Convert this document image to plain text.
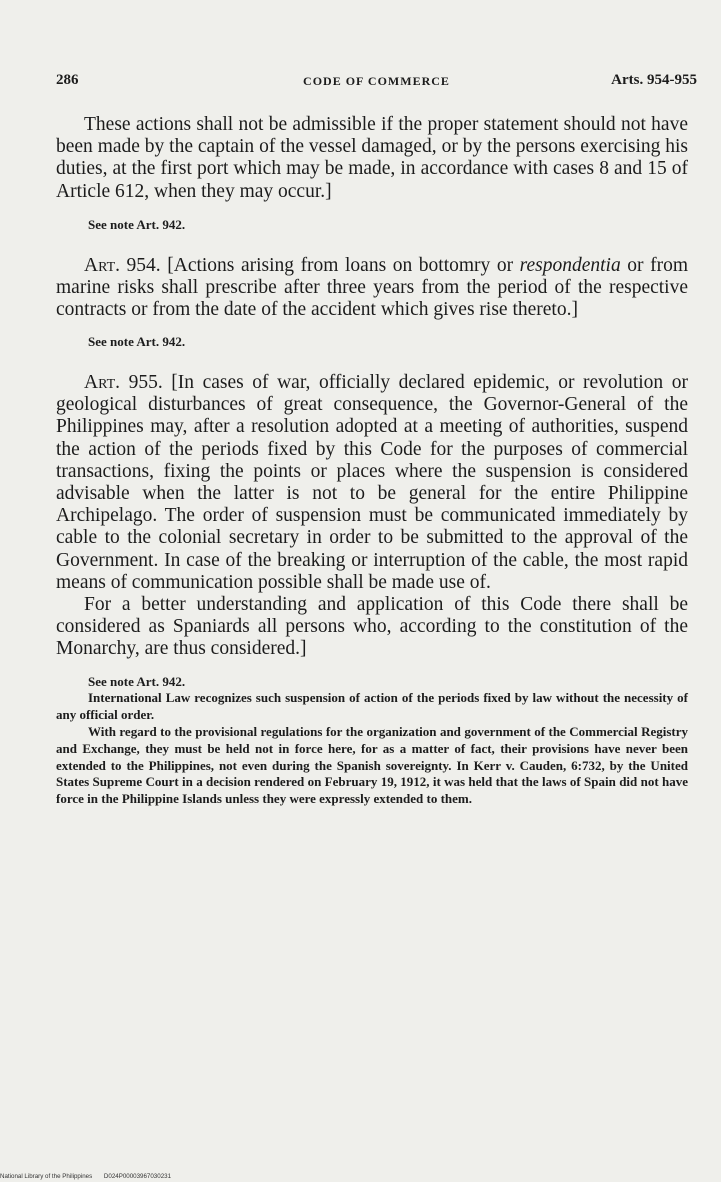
286	CODE OF COMMERCE	Arts. 954-955

These actions shall not be admissible if the proper statement should not have been made by the captain of the vessel damaged, or by the persons exercising his duties, at the first port which may be made, in accordance with cases 8 and 15 of Article 612, when they may occur.]

See note Art. 942.

Art. 954. [Actions arising from loans on bottomry or respondentia or from marine risks shall prescribe after three years from the period of the respective contracts or from the date of the accident which gives rise thereto.]

See note Art. 942.

Art. 955. [In cases of war, officially declared epidemic, or revolution or geological disturbances of great consequence, the Governor-General of the Philippines may, after a resolution adopted at a meeting of authorities, suspend the action of the periods fixed by this Code for the purposes of commercial transactions, fixing the points or places where the suspension is considered advisable when the latter is not to be general for the entire Philippine Archipelago. The order of suspension must be communicated immediately by cable to the colonial secretary in order to be submitted to the approval of the Government. In case of the breaking or interruption of the cable, the most rapid means of communication possible shall be made use of.

For a better understanding and application of this Code there shall be considered as Spaniards all persons who, according to the constitution of the Monarchy, are thus considered.]

See note Art. 942.

International Law recognizes such suspension of action of the periods fixed by law without the necessity of any official order.

With regard to the provisional regulations for the organization and government of the Commercial Registry and Exchange, they must be held not in force here, for as a matter of fact, their provisions have never been extended to the Philippines, not even during the Spanish sovereignty. In Kerr v. Cauden, 6:732, by the United States Supreme Court in a decision rendered on February 19, 1912, it was held that the laws of Spain did not have force in the Philippine Islands unless they were expressly extended to them.

National Library of the Philippines D024P00003967030231
